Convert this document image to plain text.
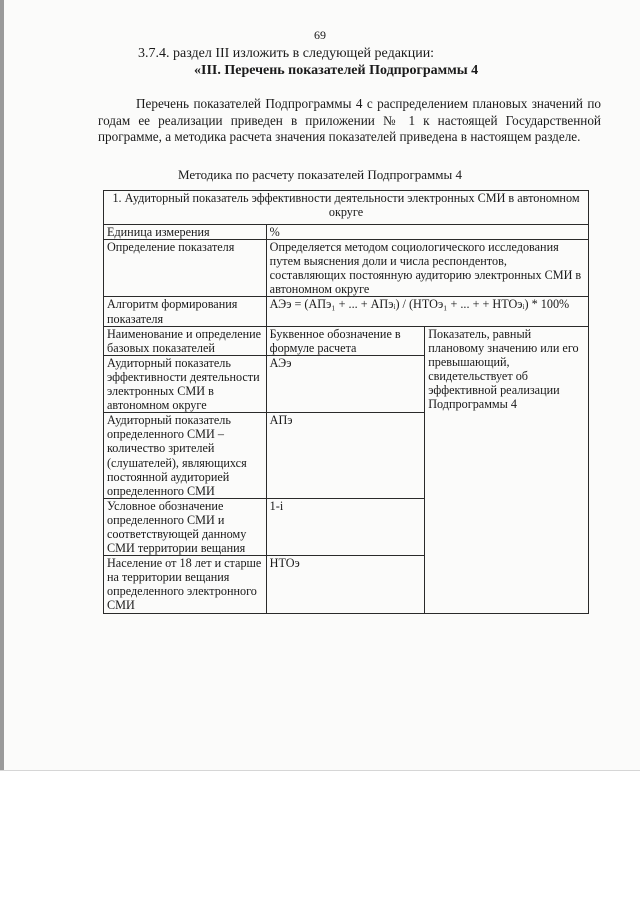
69
3.7.4. раздел III изложить в следующей редакции:
«III. Перечень показателей Подпрограммы 4

Перечень показателей Подпрограммы 4 с распределением плановых значений по годам ее реализации приведен в приложении № 1 к настоящей Государственной программе, а методика расчета значения показателей приведена в настоящем разделе.

Методика по расчету показателей Подпрограммы 4
1. Аудиторный показатель эффективности деятельности электронных СМИ в автономном округе		
Единица измерения	%	
Определение показателя	Определяется методом социологического исследования путем выяснения доли и числа респондентов, составляющих постоянную аудиторию электронных СМИ в автономном округе	
Алгоритм формирования показателя	АЭэ = (АПэ₁ + ... + АПэᵢ) / (НТОэ₁ + ... + + НТОэᵢ) * 100%	
Наименование и определение базовых показателей	Буквенное обозначение в формуле расчета	Показатель, равный плановому значению или его превышающий, свидетельствует об эффективной реализации Подпрограммы 4
Аудиторный показатель эффективности деятельности электронных СМИ в автономном округе	АЭэ	
Аудиторный показатель определенного СМИ – количество зрителей (слушателей), являющихся постоянной аудиторией определенного СМИ	АПэ	
Условное обозначение определенного СМИ и соответствующей данному СМИ территории вещания	1-i	
Население от 18 лет и старше на территории вещания определенного электронного СМИ	НТОэ	
